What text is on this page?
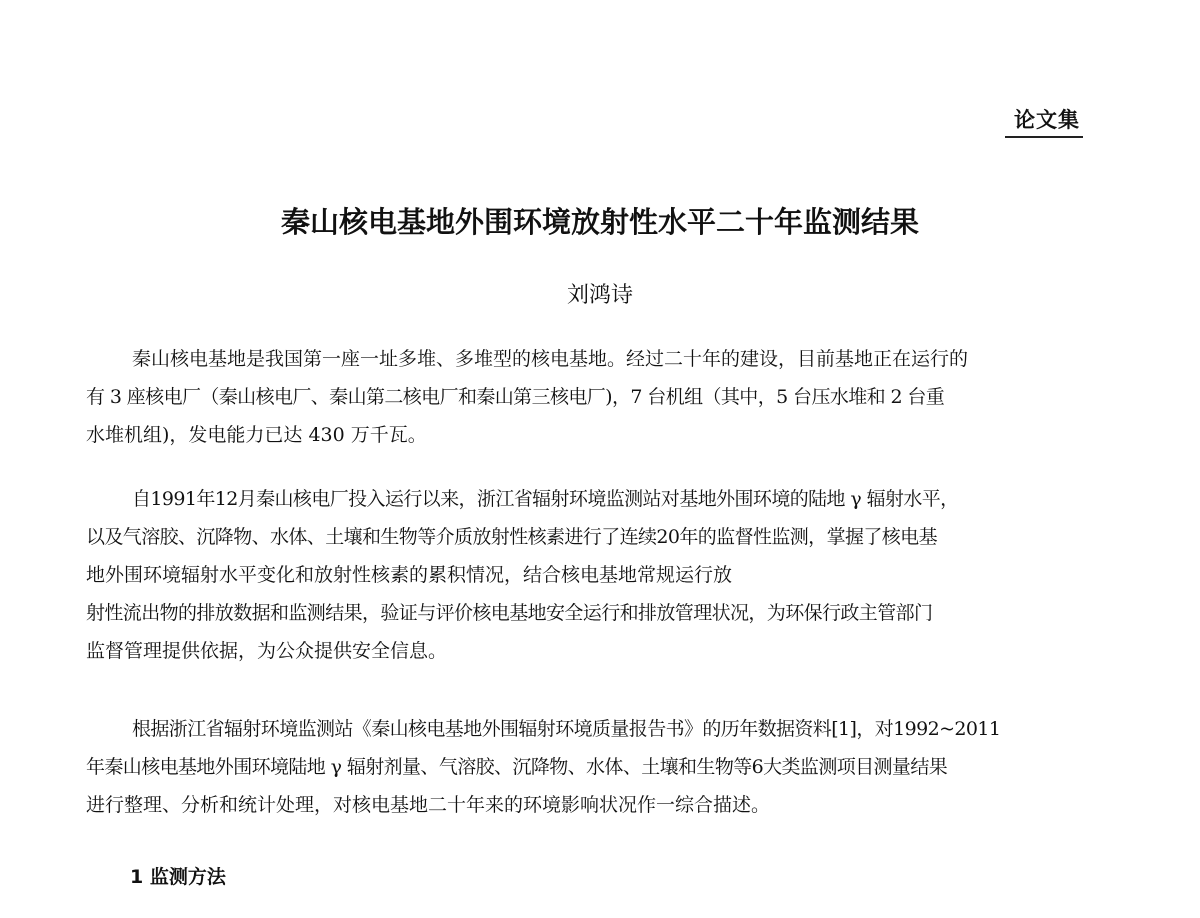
论文集
秦山核电基地外围环境放射性水平二十年监测结果
刘鸿诗
秦山核电基地是我国第一座一址多堆、多堆型的核电基地。经过二十年的建设，目前基地正在运行的
有 3 座核电厂（秦山核电厂、秦山第二核电厂和秦山第三核电厂)，7 台机组（其中，5 台压水堆和 2 台重
水堆机组)，发电能力已达 430 万千瓦。
自1991年12月秦山核电厂投入运行以来，浙江省辐射环境监测站对基地外围环境的陆地 γ 辐射水平，
以及气溶胶、沉降物、水体、土壤和生物等介质放射性核素进行了连续20年的监督性监测，掌握了核电基
地外围环境辐射水平变化和放射性核素的累积情况，结合核电基地常规运行放
射性流出物的排放数据和监测结果，验证与评价核电基地安全运行和排放管理状况，为环保行政主管部门
监督管理提供依据，为公众提供安全信息。
根据浙江省辐射环境监测站《秦山核电基地外围辐射环境质量报告书》的历年数据资料[1]，对1992~2011
年秦山核电基地外围环境陆地 γ 辐射剂量、气溶胶、沉降物、水体、土壤和生物等6大类监测项目测量结果
进行整理、分析和统计处理，对核电基地二十年来的环境影响状况作一综合描述。
1 监测方法
